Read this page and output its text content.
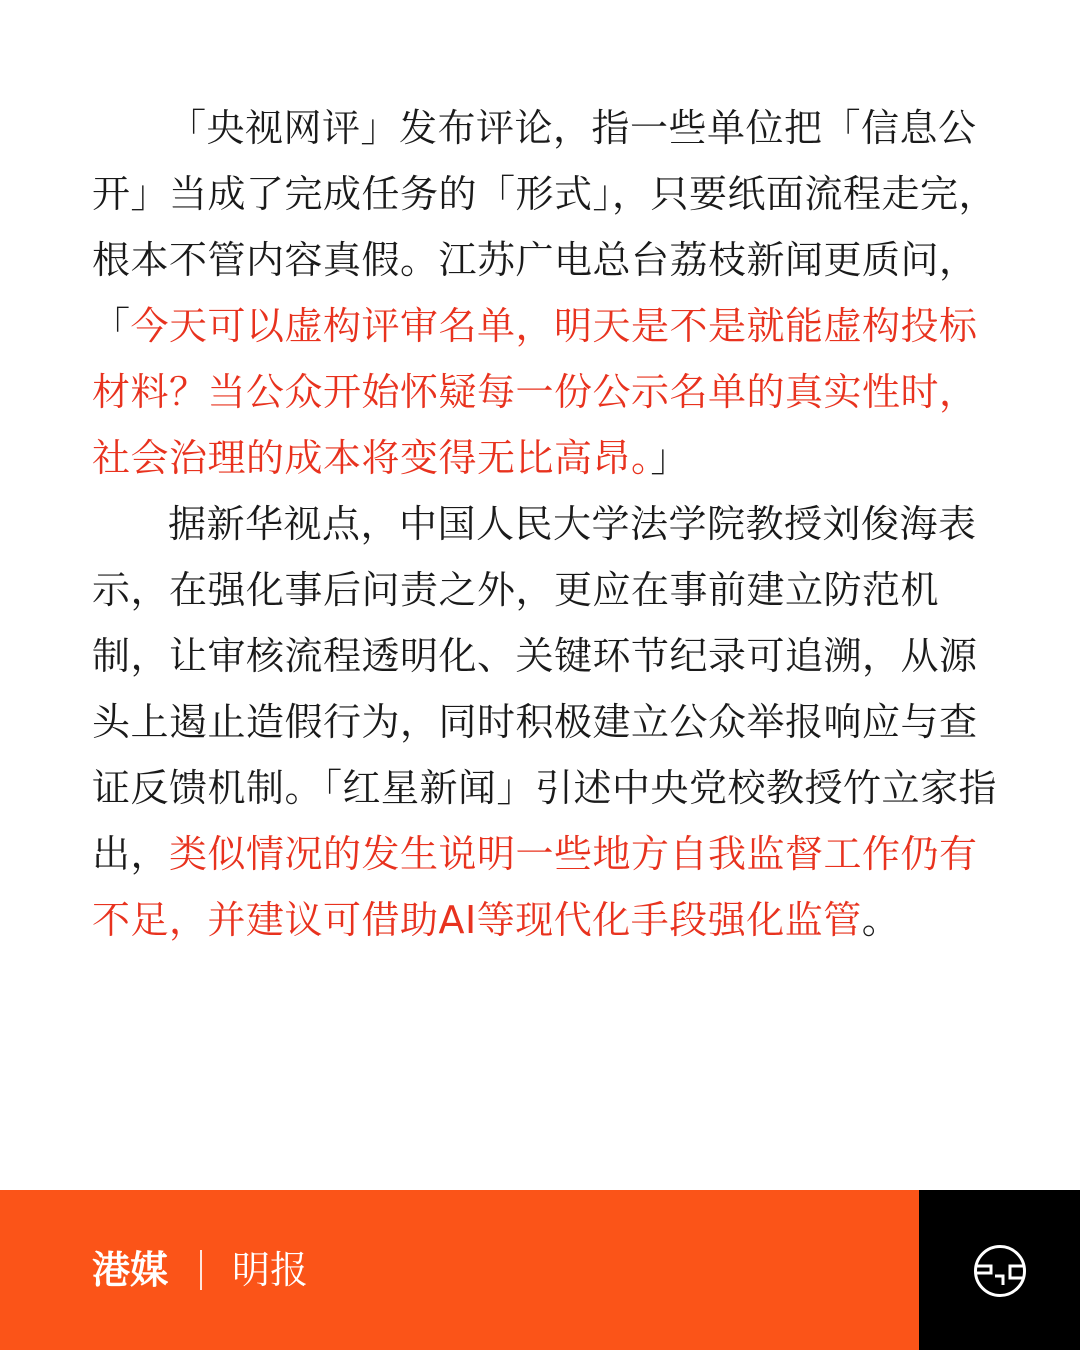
「央视网评」发布评论，指一些单位把「信息公开」当成了完成任务的「形式」，只要纸面流程走完，根本不管内容真假。江苏广电总台荔枝新闻更质问，「今天可以虚构评审名单，明天是不是就能虚构投标材料？当公众开始怀疑每一份公示名单的真实性时，社会治理的成本将变得无比高昂。」

据新华视点，中国人民大学法学院教授刘俊海表示，在强化事后问责之外，更应在事前建立防范机制，让审核流程透明化、关键环节纪录可追溯，从源头上遏止造假行为，同时积极建立公众举报响应与查证反馈机制。「红星新闻」引述中央党校教授竹立家指出，类似情况的发生说明一些地方自我监督工作仍有不足，并建议可借助AI等现代化手段强化监管。

港媒 明报
